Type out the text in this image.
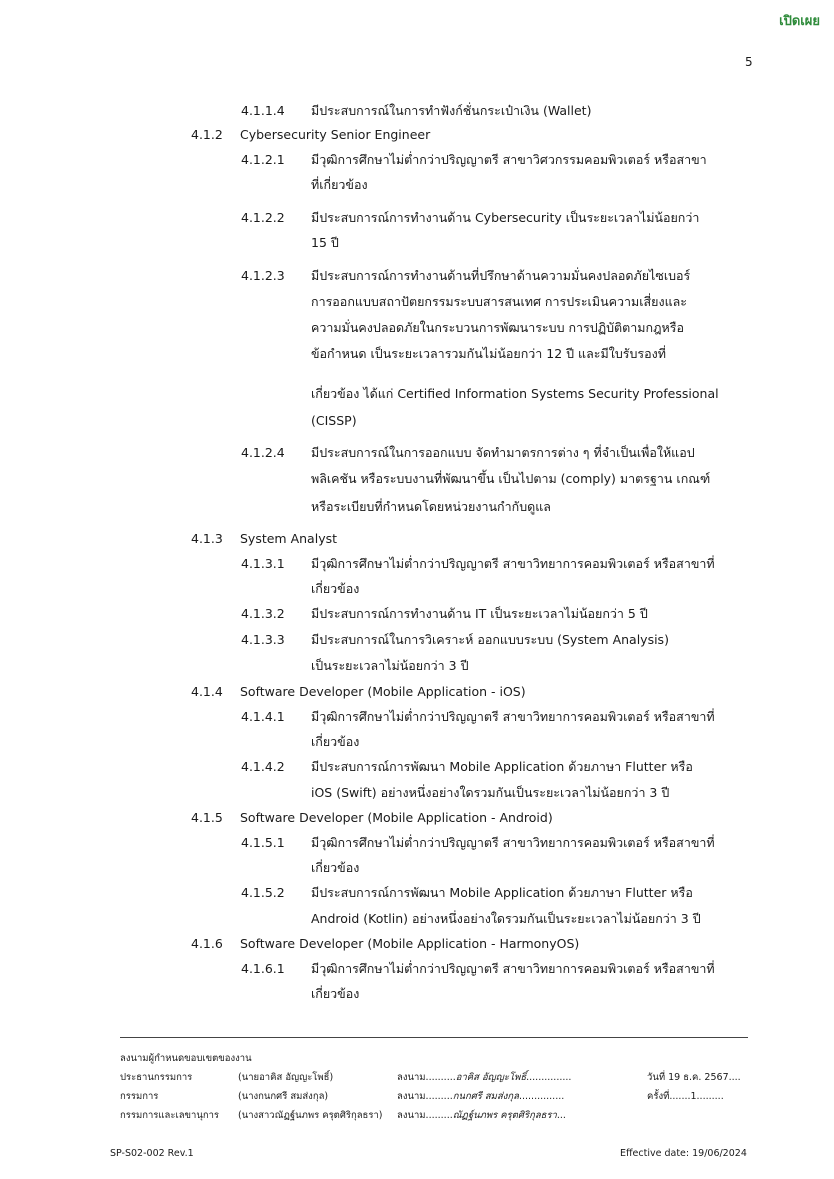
เปิดเผย
5
4.1.1.4 มีประสบการณ์ในการทำฟังก์ชั่นกระเป๋าเงิน (Wallet)
4.1.2 Cybersecurity Senior Engineer
4.1.2.1 มีวุฒิการศึกษาไม่ต่ำกว่าปริญญาตรี สาขาวิศวกรรมคอมพิวเตอร์ หรือสาขา
ที่เกี่ยวข้อง
4.1.2.2 มีประสบการณ์การทำงานด้าน Cybersecurity เป็นระยะเวลาไม่น้อยกว่า
15 ปี
4.1.2.3 มีประสบการณ์การทำงานด้านที่ปรึกษาด้านความมั่นคงปลอดภัยไซเบอร์
การออกแบบสถาปัตยกรรมระบบสารสนเทศ การประเมินความเสี่ยงและ
ความมั่นคงปลอดภัยในกระบวนการพัฒนาระบบ การปฏิบัติตามกฎหรือ
ข้อกำหนด เป็นระยะเวลารวมกันไม่น้อยกว่า 12 ปี และมีใบรับรองที่
เกี่ยวข้อง ได้แก่ Certified Information Systems Security Professional
(CISSP)
4.1.2.4 มีประสบการณ์ในการออกแบบ จัดทำมาตรการต่าง ๆ ที่จำเป็นเพื่อให้แอป
พลิเคชัน หรือระบบงานที่พัฒนาขึ้น เป็นไปตาม (comply) มาตรฐาน เกณฑ์
หรือระเบียบที่กำหนดโดยหน่วยงานกำกับดูแล
4.1.3 System Analyst
4.1.3.1 มีวุฒิการศึกษาไม่ต่ำกว่าปริญญาตรี สาขาวิทยาการคอมพิวเตอร์ หรือสาขาที่
เกี่ยวข้อง
4.1.3.2 มีประสบการณ์การทำงานด้าน IT เป็นระยะเวลาไม่น้อยกว่า 5 ปี
4.1.3.3 มีประสบการณ์ในการวิเคราะห์ ออกแบบระบบ (System Analysis)
เป็นระยะเวลาไม่น้อยกว่า 3 ปี
4.1.4 Software Developer (Mobile Application - iOS)
4.1.4.1 มีวุฒิการศึกษาไม่ต่ำกว่าปริญญาตรี สาขาวิทยาการคอมพิวเตอร์ หรือสาขาที่
เกี่ยวข้อง
4.1.4.2 มีประสบการณ์การพัฒนา Mobile Application ด้วยภาษา Flutter หรือ
iOS (Swift) อย่างหนึ่งอย่างใดรวมกันเป็นระยะเวลาไม่น้อยกว่า 3 ปี
4.1.5 Software Developer (Mobile Application - Android)
4.1.5.1 มีวุฒิการศึกษาไม่ต่ำกว่าปริญญาตรี สาขาวิทยาการคอมพิวเตอร์ หรือสาขาที่
เกี่ยวข้อง
4.1.5.2 มีประสบการณ์การพัฒนา Mobile Application ด้วยภาษา Flutter หรือ
Android (Kotlin) อย่างหนึ่งอย่างใดรวมกันเป็นระยะเวลาไม่น้อยกว่า 3 ปี
4.1.6 Software Developer (Mobile Application - HarmonyOS)
4.1.6.1 มีวุฒิการศึกษาไม่ต่ำกว่าปริญญาตรี สาขาวิทยาการคอมพิวเตอร์ หรือสาขาที่
เกี่ยวข้อง
ลงนามผู้กำหนดขอบเขตของงาน
ประธานกรรมการ	(นายอาคิส อัญญะโพธิ์)	ลงนาม..........อาคิส อัญญะโพธิ์...............	วันที่ 19 ธ.ค. 2567....
กรรมการ	(นางกนกศรี สมส่งกุล)	ลงนาม.........กนกศรี สมส่งกุล...............	ครั้งที่.......1.........
กรรมการและเลขานุการ (นางสาวณัฏฐ์นภพร ครุตศิริกุลธรา) ลงนาม.........ณัฏฐ์นภพร ครุตศิริกุลธรา...
SP-S02-002 Rev.1	Effective date: 19/06/2024
